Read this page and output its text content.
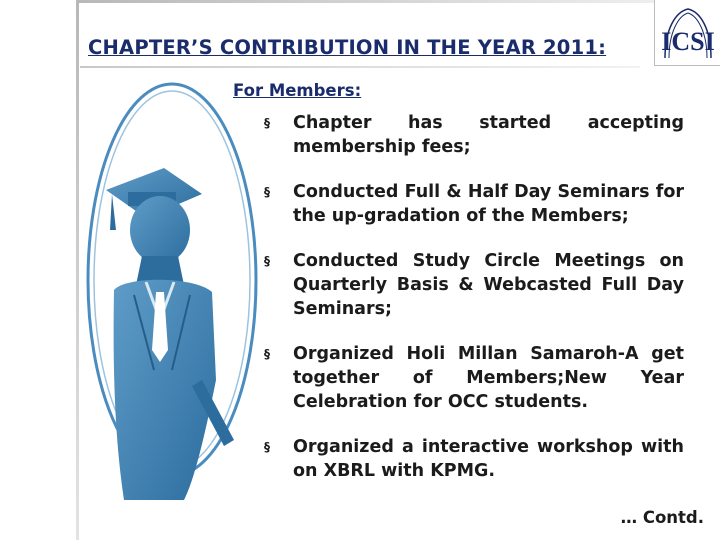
ICSI
CHAPTER’S CONTRIBUTION IN THE YEAR 2011:
For Members:
§ Chapter has started accepting membership fees;
§ Conducted Full & Half Day Seminars for the up-gradation of the Members;
§ Conducted Study Circle Meetings on Quarterly Basis & Webcasted Full Day Seminars;
§ Organized Holi Millan Samaroh-A get together of Members;New Year Celebration for OCC students.
§ Organized a interactive workshop with on XBRL with KPMG.
… Contd.
